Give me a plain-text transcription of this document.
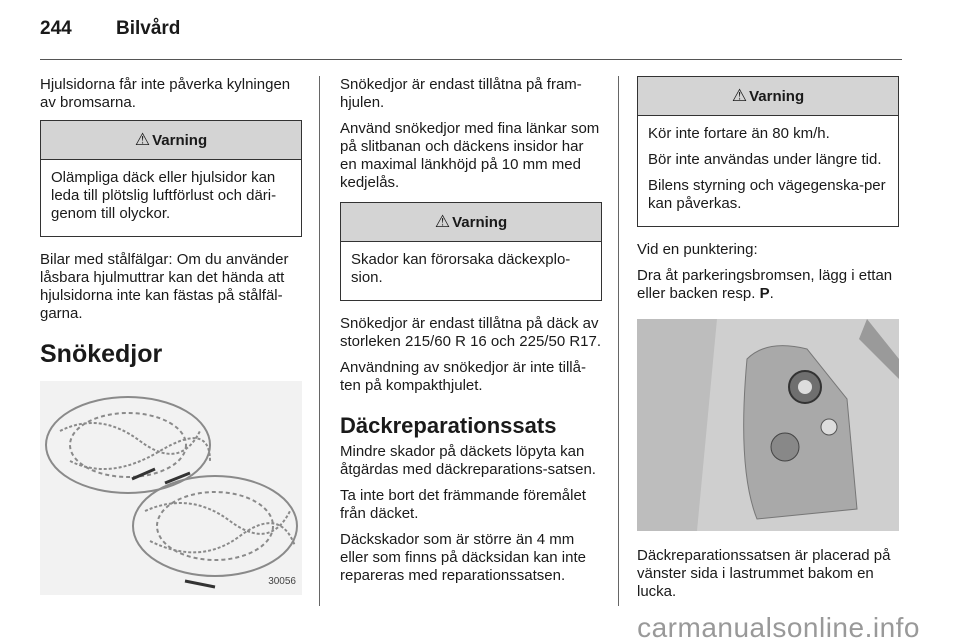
244 Bilvård

Hjulsidorna får inte påverka kylningen av bromsarna.

⚠ Varning

Olämpliga däck eller hjulsidor kan leda till plötslig luftförlust och däri-genom till olyckor.

Bilar med stålfälgar: Om du använder låsbara hjulmuttrar kan det hända att hjulsidorna inte kan fästas på stålfäl-garna.

Snökedjor
30056

Snökedjor är endast tillåtna på fram-hjulen.

Använd snökedjor med fina länkar som på slitbanan och däckens insidor har en maximal länkhöjd på 10 mm med kedjelås.

⚠ Varning

Skador kan förorsaka däckexplo-sion.

Snökedjor är endast tillåtna på däck av storleken 215/60 R 16 och 225/50 R17.

Användning av snökedjor är inte tillå-ten på kompakthjulet.

Däckreparationssats

Mindre skador på däckets löpyta kan åtgärdas med däckreparations-satsen.

Ta inte bort det främmande föremålet från däcket.

Däckskador som är större än 4 mm eller som finns på däcksidan kan inte repareras med reparationssatsen.

⚠ Varning

Kör inte fortare än 80 km/h.

Bör inte användas under längre tid.

Bilens styrning och vägegenska-per kan påverkas.

Vid en punktering:

Dra åt parkeringsbromsen, lägg i ettan eller backen resp. P.

Däckreparationssatsen är placerad på vänster sida i lastrummet bakom en lucka.

carmanualsonline.info
